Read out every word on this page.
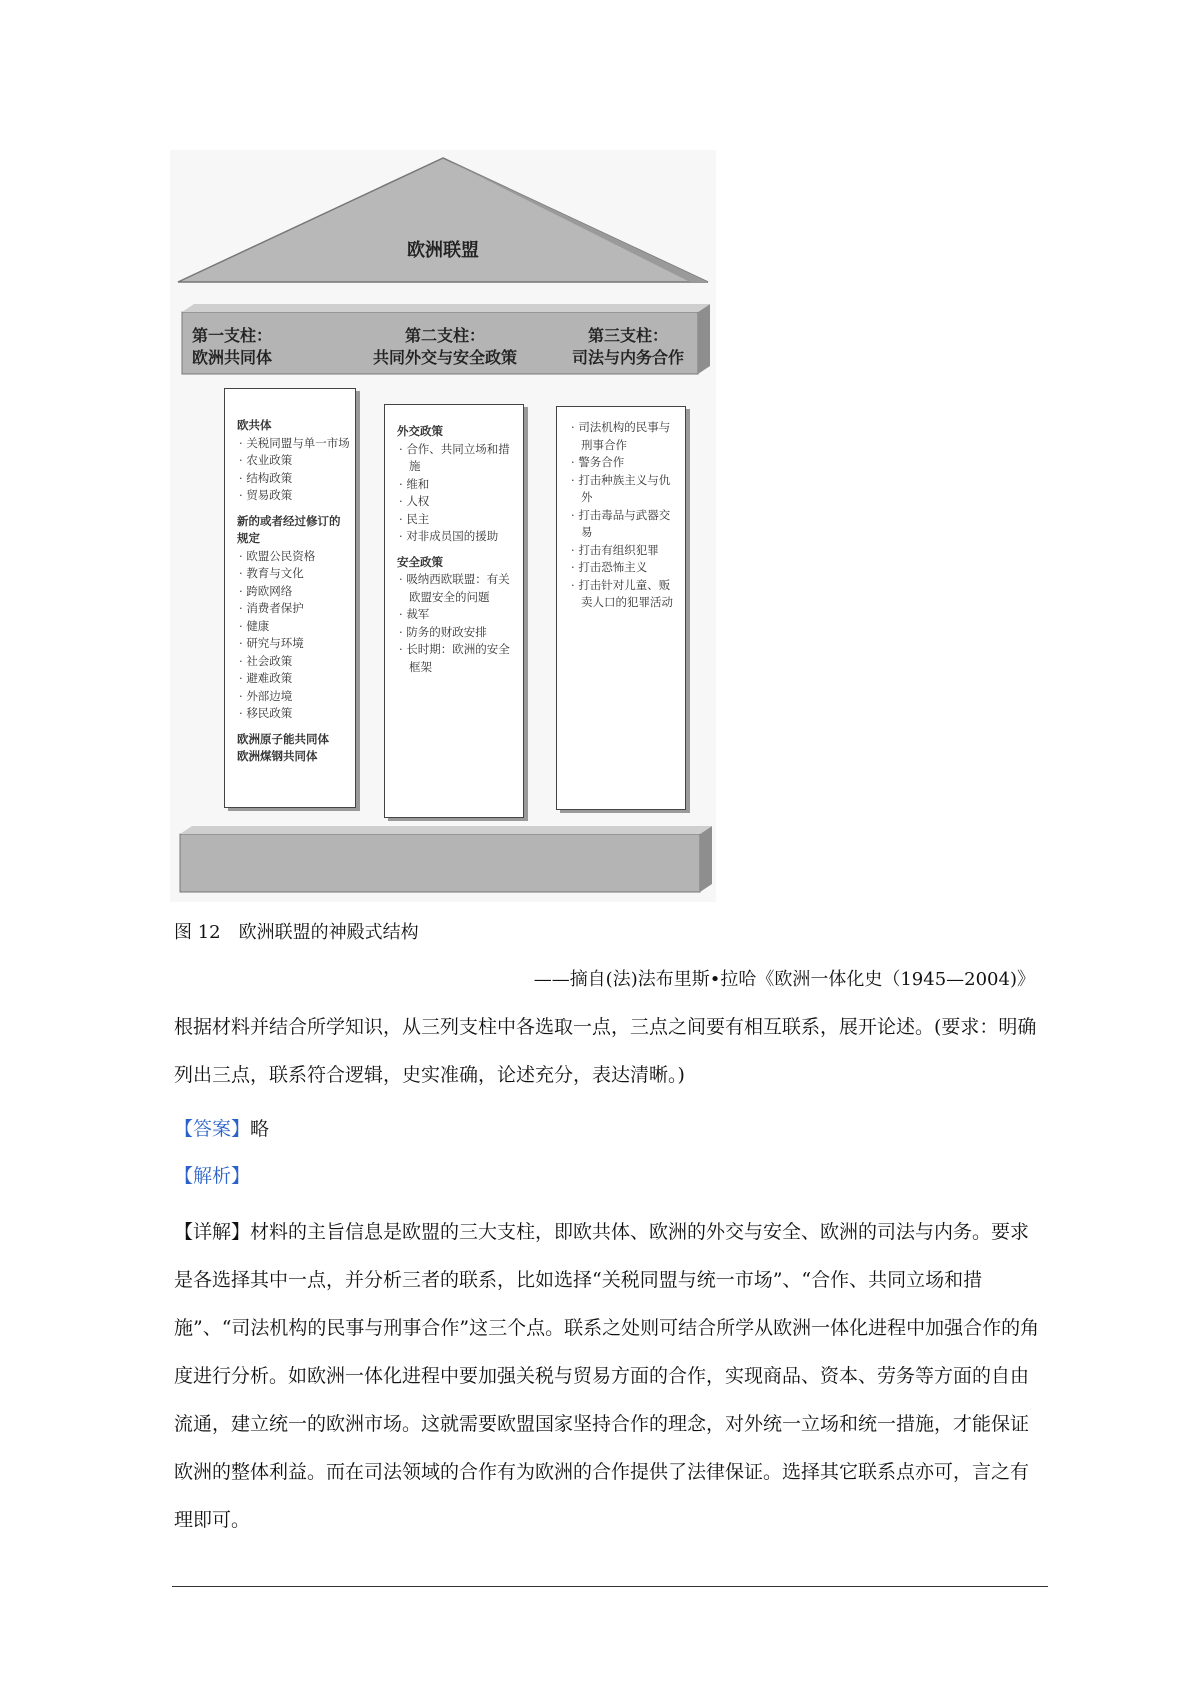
欧洲联盟
第一支柱：
欧洲共同体
第二支柱：
共同外交与安全政策
第三支柱：
司法与内务合作
欧共体
· 关税同盟与单一市场
· 农业政策
· 结构政策
· 贸易政策
新的或者经过修订的规定
· 欧盟公民资格
· 教育与文化
· 跨欧网络
· 消费者保护
· 健康
· 研究与环境
· 社会政策
· 避难政策
· 外部边境
· 移民政策
欧洲原子能共同体
欧洲煤钢共同体
外交政策
· 合作、共同立场和措施
· 维和
· 人权
· 民主
· 对非成员国的援助
安全政策
· 吸纳西欧联盟：有关欧盟安全的问题
· 裁军
· 防务的财政安排
· 长时期：欧洲的安全框架
· 司法机构的民事与刑事合作
· 警务合作
· 打击种族主义与仇外
· 打击毒品与武器交易
· 打击有组织犯罪
· 打击恐怖主义
· 打击针对儿童、贩卖人口的犯罪活动
图 12　欧洲联盟的神殿式结构
——摘自(法)法布里斯•拉哈《欧洲一体化史（1945—2004)》
根据材料并结合所学知识，从三列支柱中各选取一点，三点之间要有相互联系，展开论述。(要求：明确列出三点，联系符合逻辑，史实准确，论述充分，表达清晰。)
【答案】略
【解析】
【详解】材料的主旨信息是欧盟的三大支柱，即欧共体、欧洲的外交与安全、欧洲的司法与内务。要求是各选择其中一点，并分析三者的联系，比如选择“关税同盟与统一市场”、“合作、共同立场和措施”、“司法机构的民事与刑事合作”这三个点。联系之处则可结合所学从欧洲一体化进程中加强合作的角度进行分析。如欧洲一体化进程中要加强关税与贸易方面的合作，实现商品、资本、劳务等方面的自由流通，建立统一的欧洲市场。这就需要欧盟国家坚持合作的理念，对外统一立场和统一措施，才能保证欧洲的整体利益。而在司法领域的合作有为欧洲的合作提供了法律保证。选择其它联系点亦可，言之有理即可。
